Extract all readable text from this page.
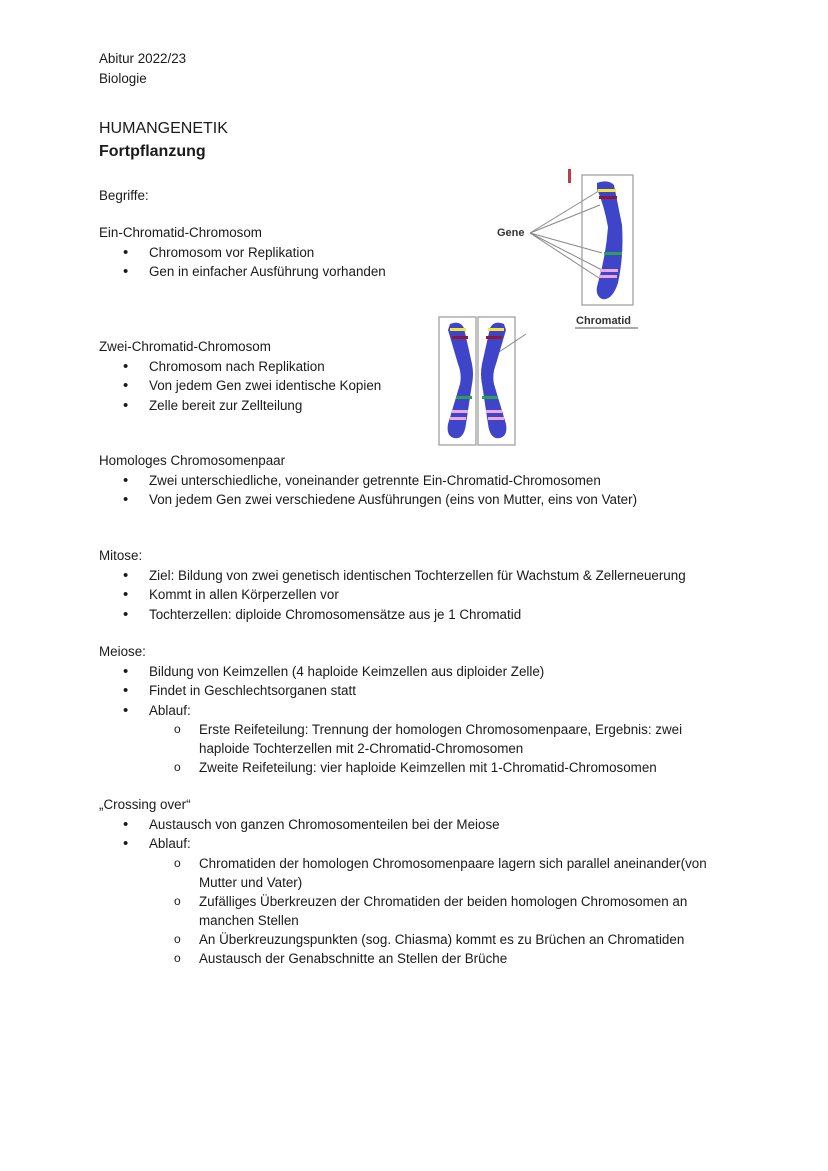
Abitur 2022/23
Biologie
HUMANGENETIK
Fortpflanzung
Begriffe:
Ein-Chromatid-Chromosom
• Chromosom vor Replikation
• Gen in einfacher Ausführung vorhanden
Zwei-Chromatid-Chromosom
• Chromosom nach Replikation
• Von jedem Gen zwei identische Kopien
• Zelle bereit zur Zellteilung
Homologes Chromosomenpaar
• Zwei unterschiedliche, voneinander getrennte Ein-Chromatid-Chromosomen
• Von jedem Gen zwei verschiedene Ausführungen (eins von Mutter, eins von Vater)
Mitose:
• Ziel: Bildung von zwei genetisch identischen Tochterzellen für Wachstum & Zellerneuerung
• Kommt in allen Körperzellen vor
• Tochterzellen: diploide Chromosomensätze aus je 1 Chromatid
Meiose:
• Bildung von Keimzellen (4 haploide Keimzellen aus diploider Zelle)
• Findet in Geschlechtsorganen statt
• Ablauf:
o Erste Reifeteilung: Trennung der homologen Chromosomenpaare, Ergebnis: zwei haploide Tochterzellen mit 2-Chromatid-Chromosomen
o Zweite Reifeteilung: vier haploide Keimzellen mit 1-Chromatid-Chromosomen
„Crossing over“
• Austausch von ganzen Chromosomenteilen bei der Meiose
• Ablauf:
o Chromatiden der homologen Chromosomenpaare lagern sich parallel aneinander(von Mutter und Vater)
o Zufälliges Überkreuzen der Chromatiden der beiden homologen Chromosomen an manchen Stellen
o An Überkreuzungspunkten (sog. Chiasma) kommt es zu Brüchen an Chromatiden
o Austausch der Genabschnitte an Stellen der Brüche
Gene
Chromatid
